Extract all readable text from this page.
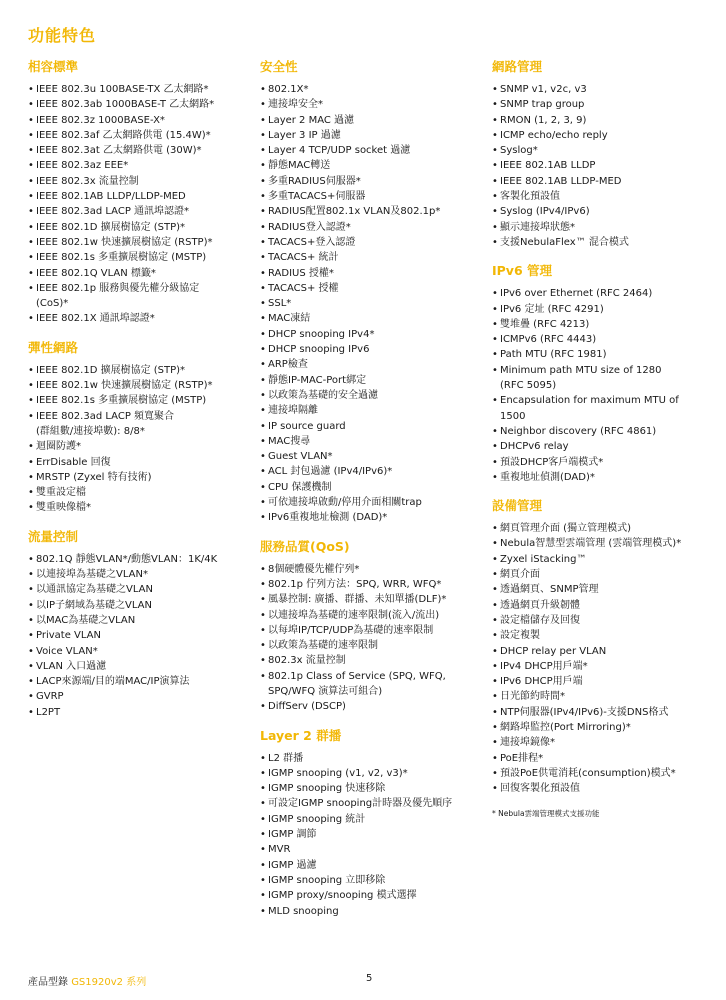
功能特色
相容標準
• IEEE 802.3u 100BASE-TX 乙太網路*
• IEEE 802.3ab 1000BASE-T 乙太網路*
• IEEE 802.3z 1000BASE-X*
• IEEE 802.3af 乙太網路供電 (15.4W)*
• IEEE 802.3at 乙太網路供電 (30W)*
• IEEE 802.3az EEE*
• IEEE 802.3x 流量控制
• IEEE 802.1AB LLDP/LLDP-MED
• IEEE 802.3ad LACP 通訊埠認證*
• IEEE 802.1D 擴展樹協定 (STP)*
• IEEE 802.1w 快速擴展樹協定 (RSTP)*
• IEEE 802.1s 多重擴展樹協定 (MSTP)
• IEEE 802.1Q VLAN 標籤*
• IEEE 802.1p 服務與優先權分級協定
(CoS)*
• IEEE 802.1X 通訊埠認證*
彈性網路
• IEEE 802.1D 擴展樹協定 (STP)*
• IEEE 802.1w 快速擴展樹協定 (RSTP)*
• IEEE 802.1s 多重擴展樹協定 (MSTP)
• IEEE 802.3ad LACP 頻寬聚合
(群組數/連接埠數): 8/8*
• 迴圈防護*
• ErrDisable 回復
• MRSTP (Zyxel 特有技術)
• 雙重設定檔
• 雙重映像檔*
流量控制
• 802.1Q 靜態VLAN*/動態VLAN：1K/4K
• 以連接埠為基礎之VLAN*
• 以通訊協定為基礎之VLAN
• 以IP子網域為基礎之VLAN
• 以MAC為基礎之VLAN
• Private VLAN
• Voice VLAN*
• VLAN 入口過濾
• LACP來源端/目的端MAC/IP演算法
• GVRP
• L2PT
安全性
• 802.1X*
• 連接埠安全*
• Layer 2 MAC 過濾
• Layer 3 IP 過濾
• Layer 4 TCP/UDP socket 過濾
• 靜態MAC轉送
• 多重RADIUS伺服器*
• 多重TACACS+伺服器
• RADIUS配置802.1x VLAN及802.1p*
• RADIUS登入認證*
• TACACS+登入認證
• TACACS+ 統計
• RADIUS 授權*
• TACACS+ 授權
• SSL*
• MAC凍結
• DHCP snooping IPv4*
• DHCP snooping IPv6
• ARP檢查
• 靜態IP-MAC-Port綁定
• 以政策為基礎的安全過濾
• 連接埠隔離
• IP source guard
• MAC搜尋
• Guest VLAN*
• ACL 封包過濾 (IPv4/IPv6)*
• CPU 保護機制
• 可依連接埠啟動/停用介面相關trap
• IPv6重複地址檢測 (DAD)*
服務品質(QoS)
• 8個硬體優先權佇列*
• 802.1p 佇列方法：SPQ, WRR, WFQ*
• 風暴控制: 廣播、群播、未知單播(DLF)*
• 以連接埠為基礎的速率限制(流入/流出)
• 以每埠IP/TCP/UDP為基礎的速率限制
• 以政策為基礎的速率限制
• 802.3x 流量控制
• 802.1p Class of Service (SPQ, WFQ,
SPQ/WFQ 演算法可組合)
• DiffServ (DSCP)
Layer 2 群播
• L2 群播
• IGMP snooping (v1, v2, v3)*
• IGMP snooping 快速移除
• 可設定IGMP snooping計時器及優先順序
• IGMP snooping 統計
• IGMP 調節
• MVR
• IGMP 過濾
• IGMP snooping 立即移除
• IGMP proxy/snooping 模式選擇
• MLD snooping
網路管理
• SNMP v1, v2c, v3
• SNMP trap group
• RMON (1, 2, 3, 9)
• ICMP echo/echo reply
• Syslog*
• IEEE 802.1AB LLDP
• IEEE 802.1AB LLDP-MED
• 客製化預設值
• Syslog (IPv4/IPv6)
• 顯示連接埠狀態*
• 支援NebulaFlex™ 混合模式
IPv6 管理
• IPv6 over Ethernet (RFC 2464)
• IPv6 定址 (RFC 4291)
• 雙堆疊 (RFC 4213)
• ICMPv6 (RFC 4443)
• Path MTU (RFC 1981)
• Minimum path MTU size of 1280
(RFC 5095)
• Encapsulation for maximum MTU of
1500
• Neighbor discovery (RFC 4861)
• DHCPv6 relay
• 預設DHCP客戶端模式*
• 重複地址偵測(DAD)*
設備管理
• 網頁管理介面 (獨立管理模式)
• Nebula智慧型雲端管理 (雲端管理模式)*
• Zyxel iStacking™
• 網頁介面
• 透過網頁、SNMP管理
• 透過網頁升級韌體
• 設定檔儲存及回復
• 設定複製
• DHCP relay per VLAN
• IPv4 DHCP用戶端*
• IPv6 DHCP用戶端
• 日光節約時間*
• NTP伺服器(IPv4/IPv6)-支援DNS格式
• 網路埠監控(Port Mirroring)*
• 連接埠鏡像*
• PoE排程*
• 預設PoE供電消耗(consumption)模式*
• 回復客製化預設值
* Nebula雲端管理模式支援功能
產品型錄 GS1920v2 系列	5
